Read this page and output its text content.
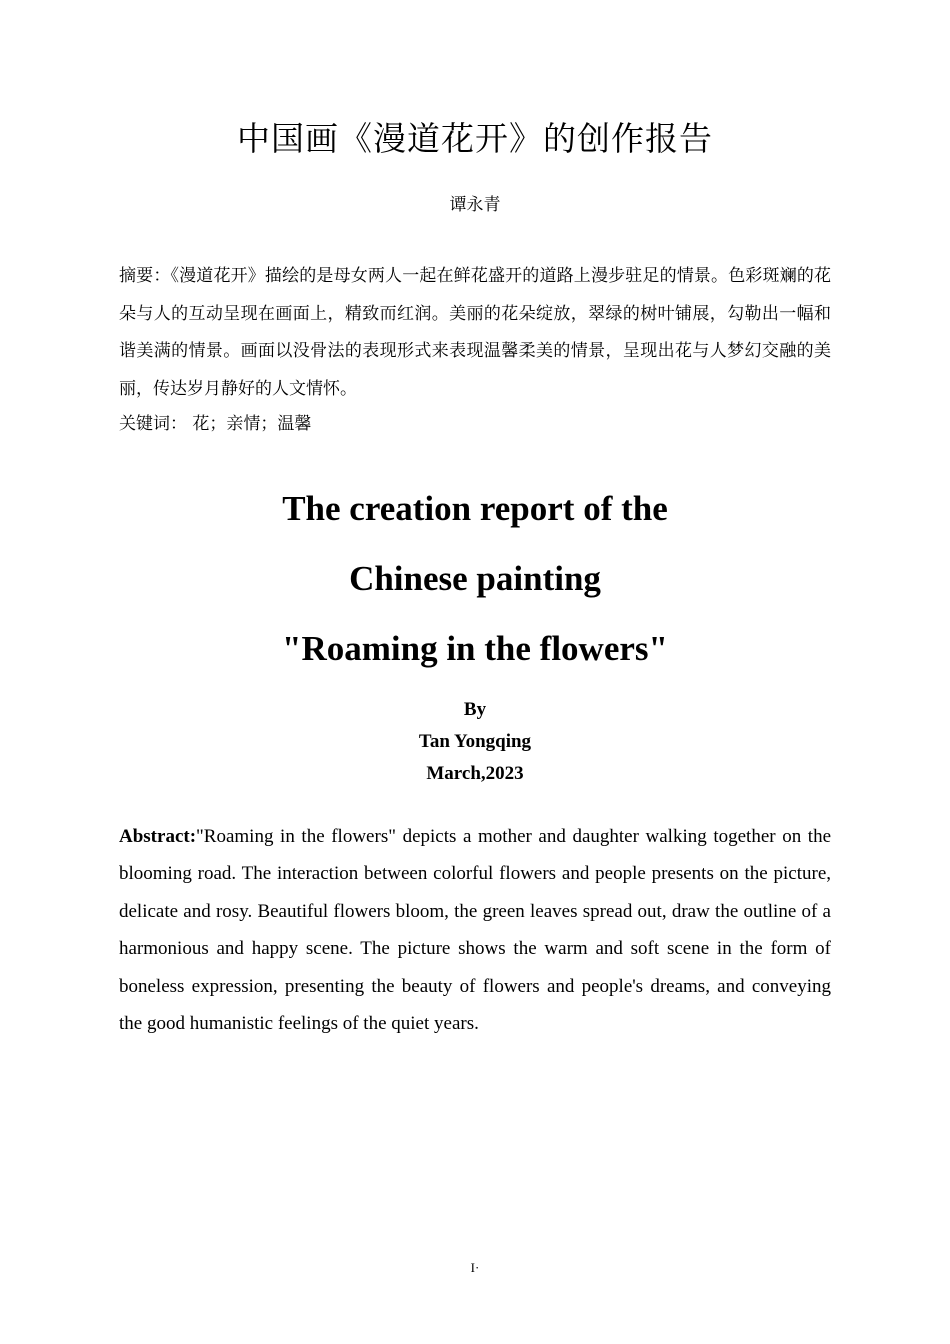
中国画《漫道花开》的创作报告
谭永青
摘要：《漫道花开》描绘的是母女两人一起在鲜花盛开的道路上漫步驻足的情景。色彩斑斓的花朵与人的互动呈现在画面上，精致而红润。美丽的花朵绽放，翠绿的树叶铺展，勾勒出一幅和谐美满的情景。画面以没骨法的表现形式来表现温馨柔美的情景，呈现出花与人梦幻交融的美丽，传达岁月静好的人文情怀。
关键词： 花；亲情；温馨
The creation report of the
Chinese painting
"Roaming in the flowers"
By
Tan Yongqing
March,2023
Abstract:"Roaming in the flowers" depicts a mother and daughter walking together on the blooming road. The interaction between colorful flowers and people presents on the picture, delicate and rosy. Beautiful flowers bloom, the green leaves spread out, draw the outline of a harmonious and happy scene. The picture shows the warm and soft scene in the form of boneless expression, presenting the beauty of flowers and people's dreams, and conveying the good humanistic feelings of the quiet years.
I·
